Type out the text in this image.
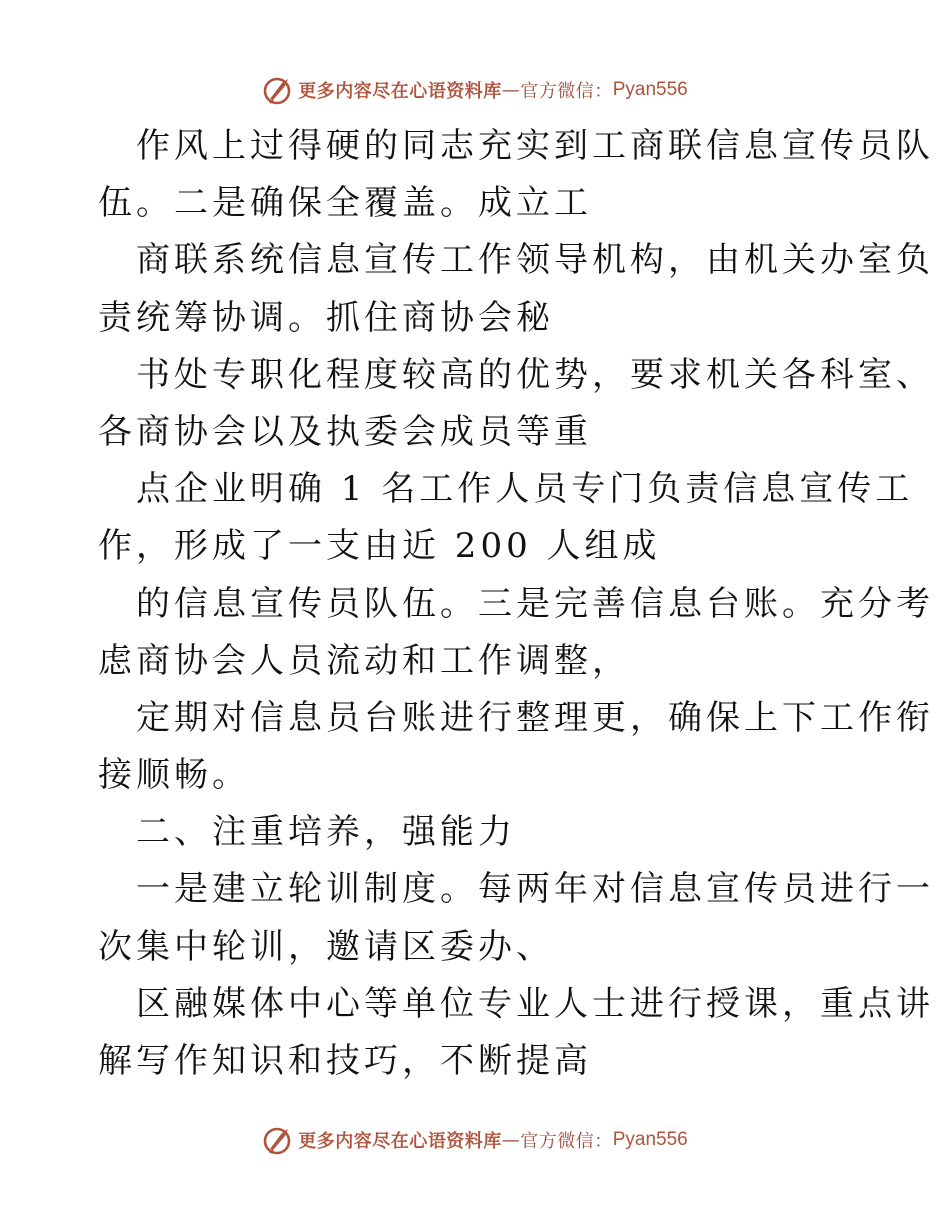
更多内容尽在心语资料库 — 官方微信： Pyan556

作风上过得硬的同志充实到工商联信息宣传员队

伍。二是确保全覆盖。成立工

商联系统信息宣传工作领导机构，由机关办室负

责统筹协调。抓住商协会秘

书处专职化程度较高的优势，要求机关各科室、

各商协会以及执委会成员等重

点企业明确 1 名工作人员专门负责信息宣传工

作，形成了一支由近 200 人组成

的信息宣传员队伍。三是完善信息台账。充分考

虑商协会人员流动和工作调整，

定期对信息员台账进行整理更，确保上下工作衔

接顺畅。

二、注重培养，强能力

一是建立轮训制度。每两年对信息宣传员进行一

次集中轮训，邀请区委办、

区融媒体中心等单位专业人士进行授课，重点讲

解写作知识和技巧，不断提高

更多内容尽在心语资料库 — 官方微信： Pyan556
